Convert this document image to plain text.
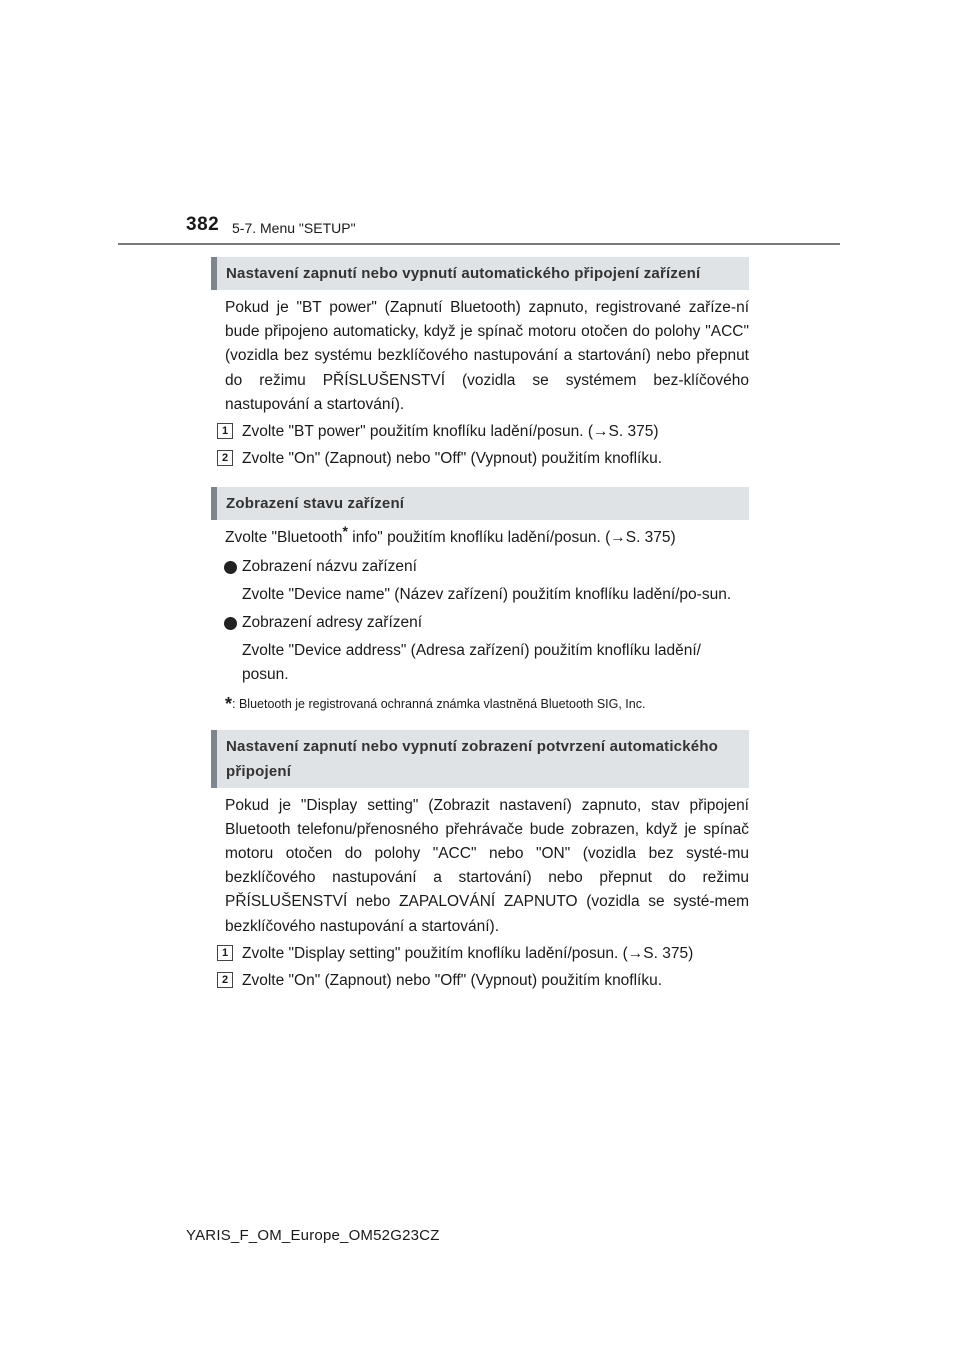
382 5-7. Menu "SETUP"
Nastavení zapnutí nebo vypnutí automatického připojení zařízení

Pokud je "BT power" (Zapnutí Bluetooth) zapnuto, registrované zaříze-ní bude připojeno automaticky, když je spínač motoru otočen do polohy "ACC" (vozidla bez systému bezklíčového nastupování a startování) nebo přepnut do režimu PŘÍSLUŠENSTVÍ (vozidla se systémem bez-klíčového nastupování a startování).

1 Zvolte "BT power" použitím knoflíku ladění/posun. (→S. 375)
2 Zvolte "On" (Zapnout) nebo "Off" (Vypnout) použitím knoflíku.
Zobrazení stavu zařízení
Zvolte "Bluetooth* info" použitím knoflíku ladění/posun. (→S. 375)
Zobrazení názvu zařízení
Zvolte "Device name" (Název zařízení) použitím knoflíku ladění/po-sun.
Zobrazení adresy zařízení
Zvolte "Device address" (Adresa zařízení) použitím knoflíku ladění/ posun.
*: Bluetooth je registrovaná ochranná známka vlastněná Bluetooth SIG, Inc.
Nastavení zapnutí nebo vypnutí zobrazení potvrzení automatického připojení

Pokud je "Display setting" (Zobrazit nastavení) zapnuto, stav připojení Bluetooth telefonu/přenosného přehrávače bude zobrazen, když je spínač motoru otočen do polohy "ACC" nebo "ON" (vozidla bez systé-mu bezklíčového nastupování a startování) nebo přepnut do režimu PŘÍSLUŠENSTVÍ nebo ZAPALOVÁNÍ ZAPNUTO (vozidla se systé-mem bezklíčového nastupování a startování).

1 Zvolte "Display setting" použitím knoflíku ladění/posun. (→S. 375)
2 Zvolte "On" (Zapnout) nebo "Off" (Vypnout) použitím knoflíku.
YARIS_F_OM_Europe_OM52G23CZ
